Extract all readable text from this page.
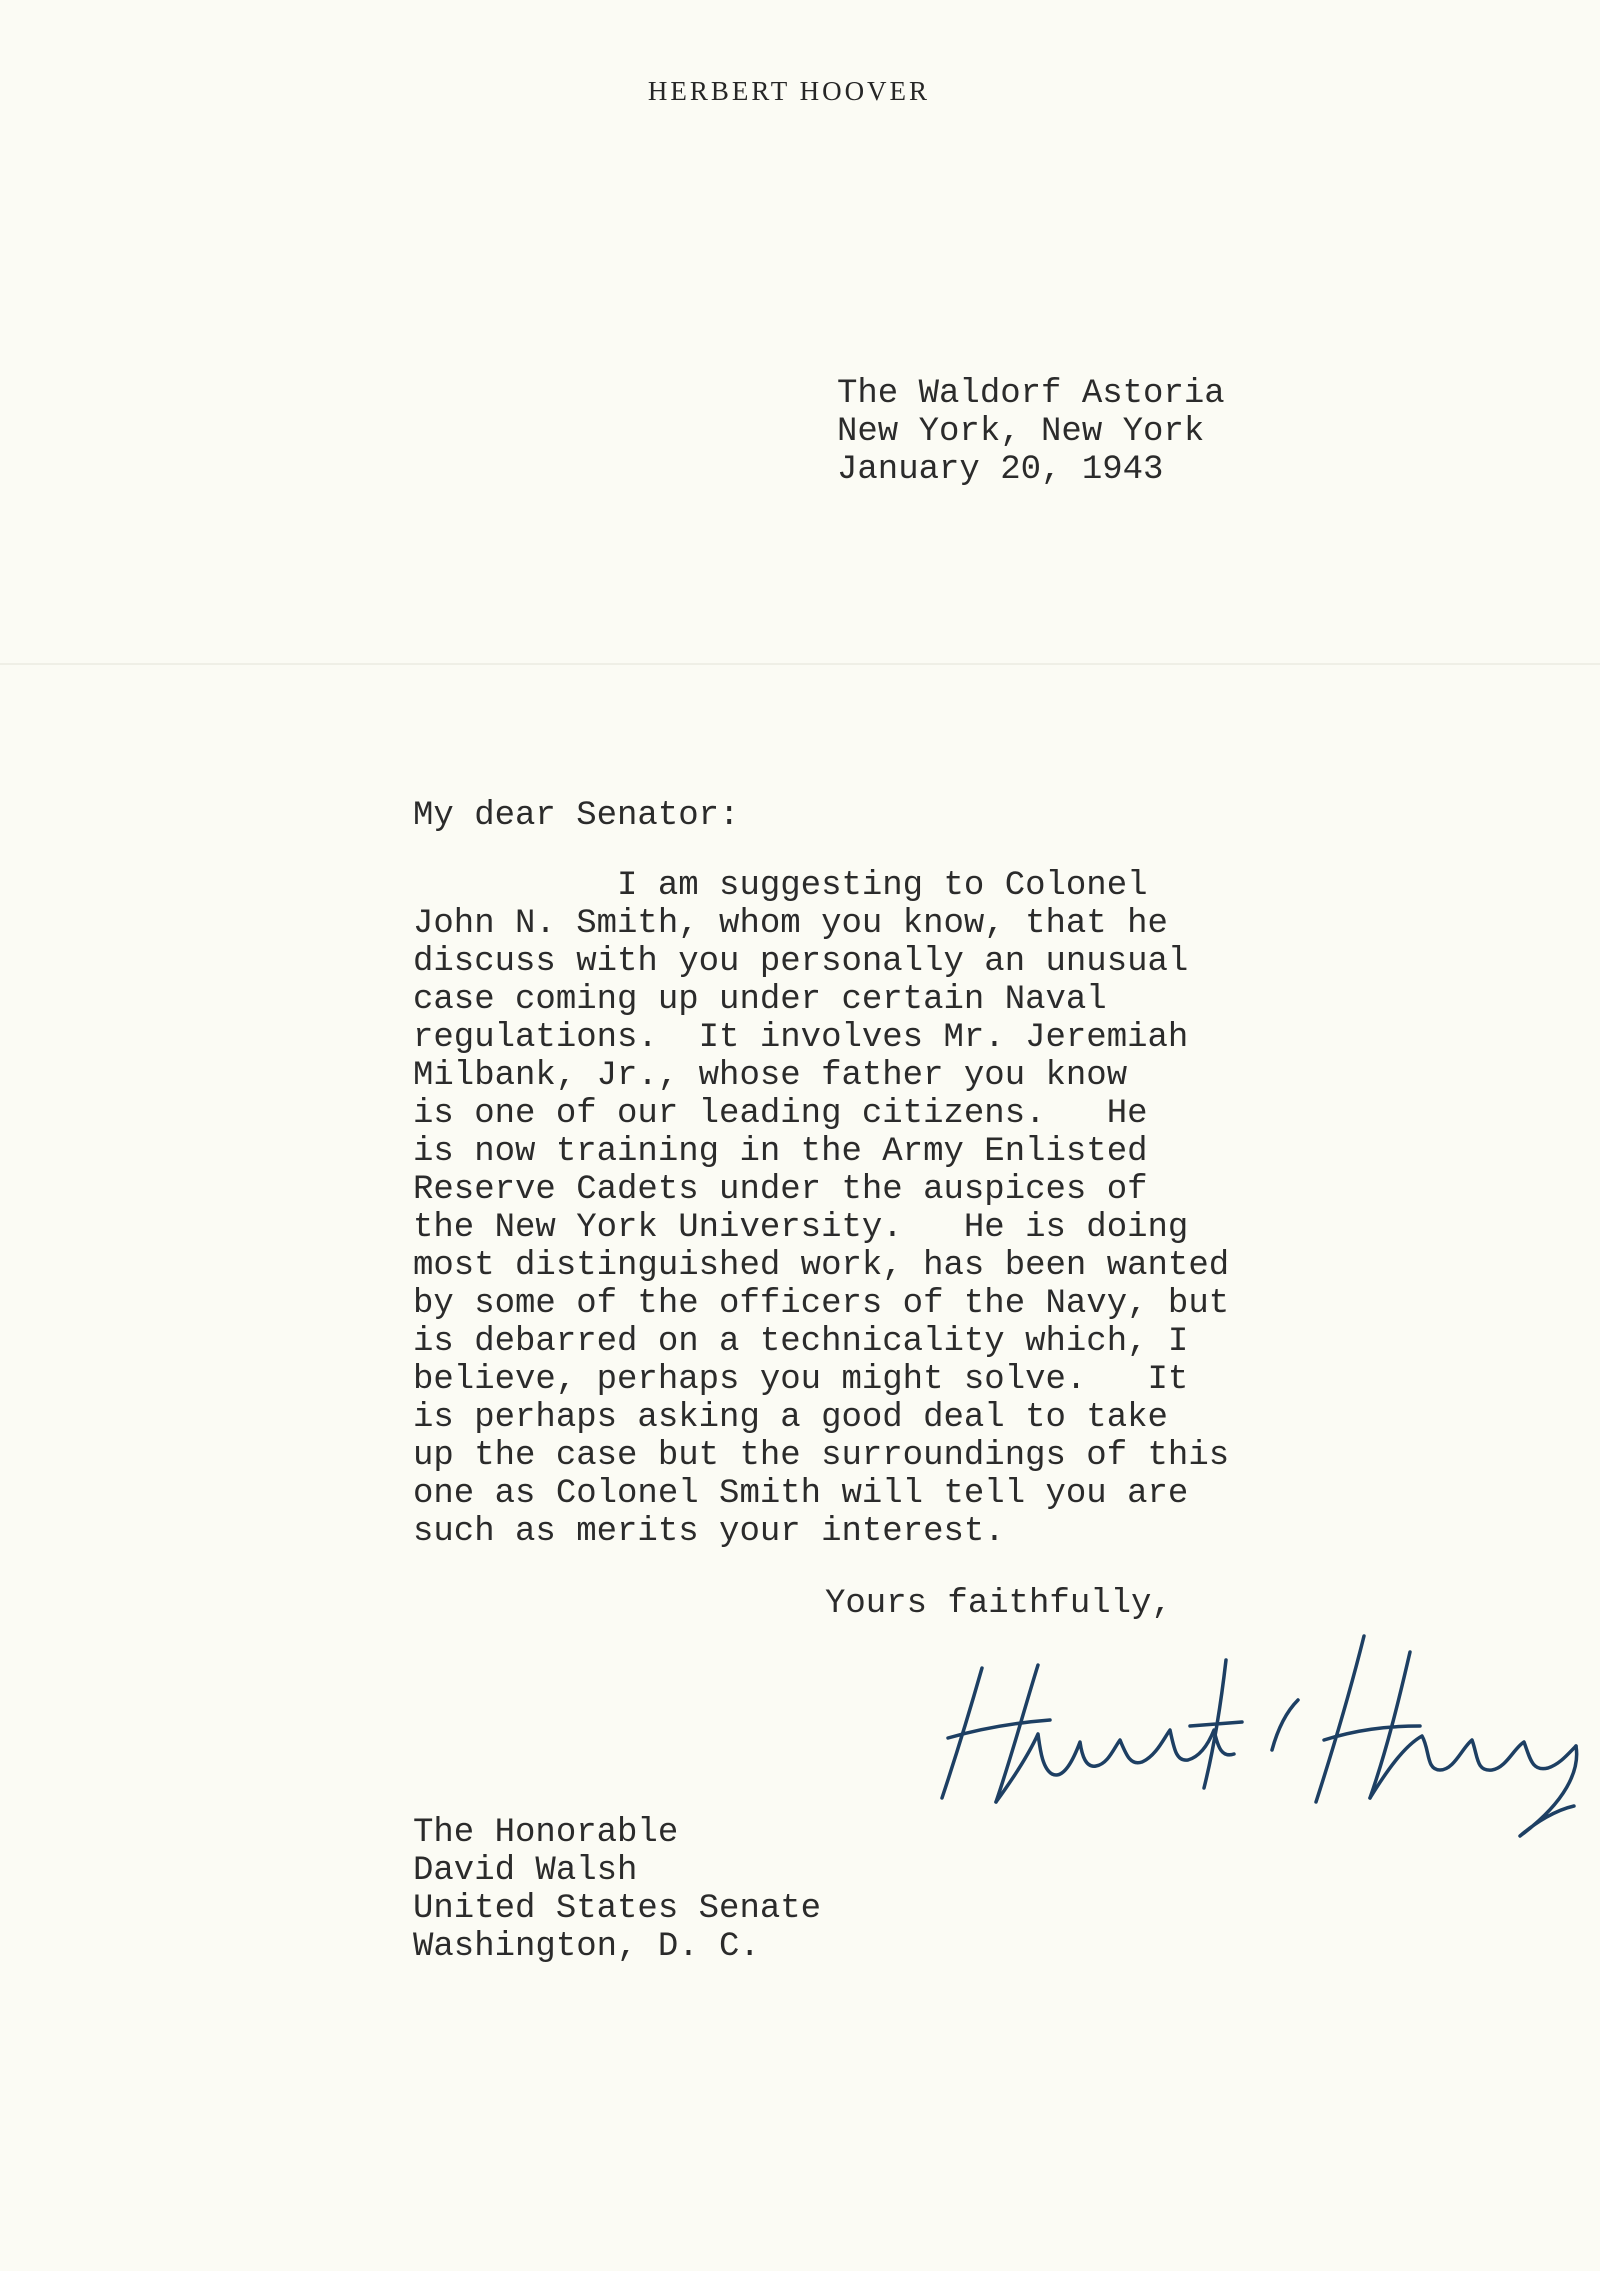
HERBERT HOOVER
The Waldorf Astoria
New York, New York
January 20, 1943
My dear Senator:
I am suggesting to Colonel
John N. Smith, whom you know, that he
discuss with you personally an unusual
case coming up under certain Naval
regulations.  It involves Mr. Jeremiah
Milbank, Jr., whose father you know
is one of our leading citizens.   He
is now training in the Army Enlisted
Reserve Cadets under the auspices of
the New York University.   He is doing
most distinguished work, has been wanted
by some of the officers of the Navy, but
is debarred on a technicality which, I
believe, perhaps you might solve.   It
is perhaps asking a good deal to take
up the case but the surroundings of this
one as Colonel Smith will tell you are
such as merits your interest.
Yours faithfully,
The Honorable
David Walsh
United States Senate
Washington, D. C.
